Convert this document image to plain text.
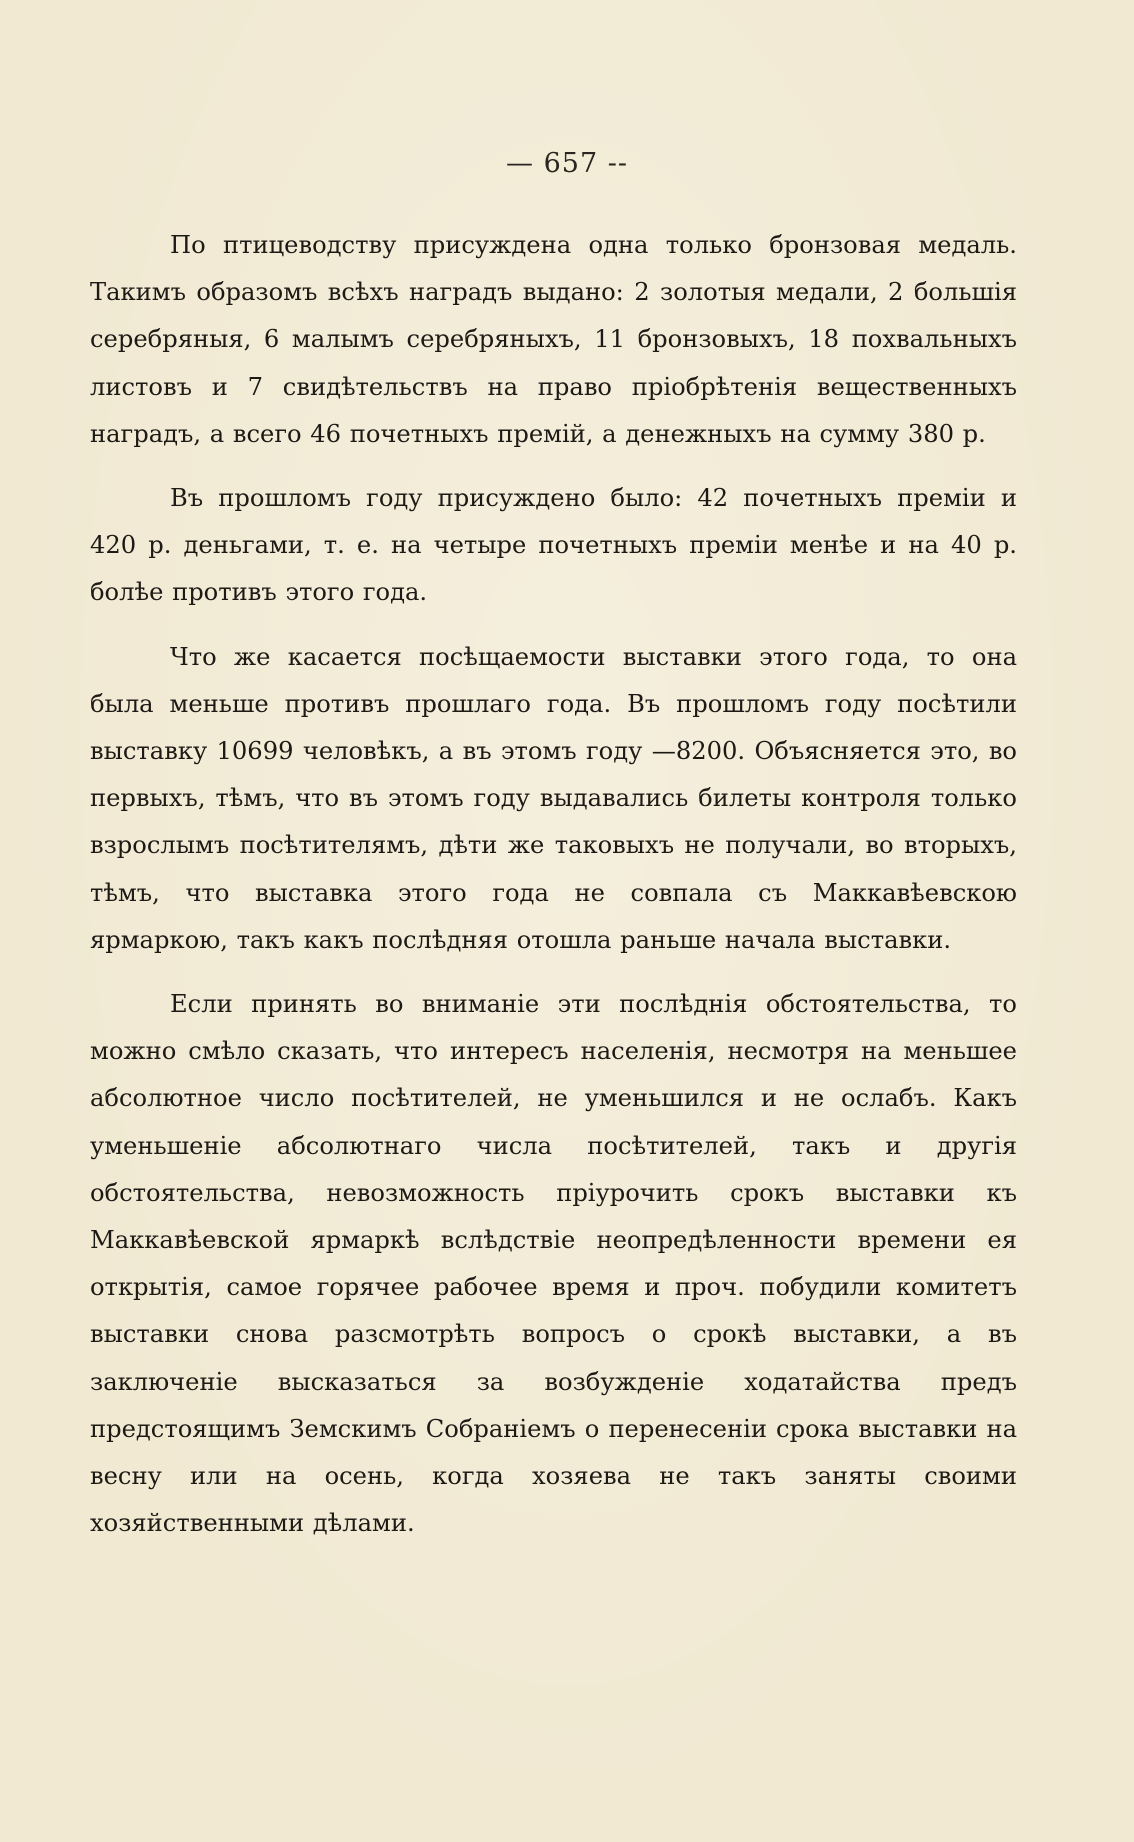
— 657 --

По птицеводству присуждена одна только бронзовая медаль. Такимъ образомъ всѣхъ наградъ выдано: 2 золотыя медали, 2 большія серебряныя, 6 малымъ серебряныхъ, 11 бронзовыхъ, 18 похвальныхъ листовъ и 7 свидѣтельствъ на право пріобрѣтенія вещественныхъ наградъ, а всего 46 почетныхъ премій, а денежныхъ на сумму 380 р.

Въ прошломъ году присуждено было: 42 почетныхъ преміи и 420 р. деньгами, т. е. на четыре почетныхъ преміи менѣе и на 40 р. болѣе противъ этого года.

Что же касается посѣщаемости выставки этого года, то она была меньше противъ прошлаго года. Въ прошломъ году посѣтили выставку 10699 человѣкъ, а въ этомъ году —8200. Объясняется это, во первыхъ, тѣмъ, что въ этомъ году выдавались билеты контроля только взрослымъ посѣтителямъ, дѣти же таковыхъ не получали, во вторыхъ, тѣмъ, что выставка этого года не совпала съ Маккавѣевскою ярмаркою, такъ какъ послѣдняя отошла раньше начала выставки.

Если принять во вниманіе эти послѣднія обстоятельства, то можно смѣло сказать, что интересъ населенія, несмотря на меньшее абсолютное число посѣтителей, не уменьшился и не ослабъ. Какъ уменьшеніе абсолютнаго числа посѣтителей, такъ и другія обстоятельства, невозможность пріурочить срокъ выставки къ Маккавѣевской ярмаркѣ вслѣдствіе неопредѣленности времени ея открытія, самое горячее рабочее время и проч. побудили комитетъ выставки снова разсмотрѣть вопросъ о срокѣ выставки, а въ заключеніе высказаться за возбужденіе ходатайства предъ предстоящимъ Земскимъ Собраніемъ о перенесеніи срока выставки на весну или на осень, когда хозяева не такъ заняты своими хозяйственными дѣлами.
